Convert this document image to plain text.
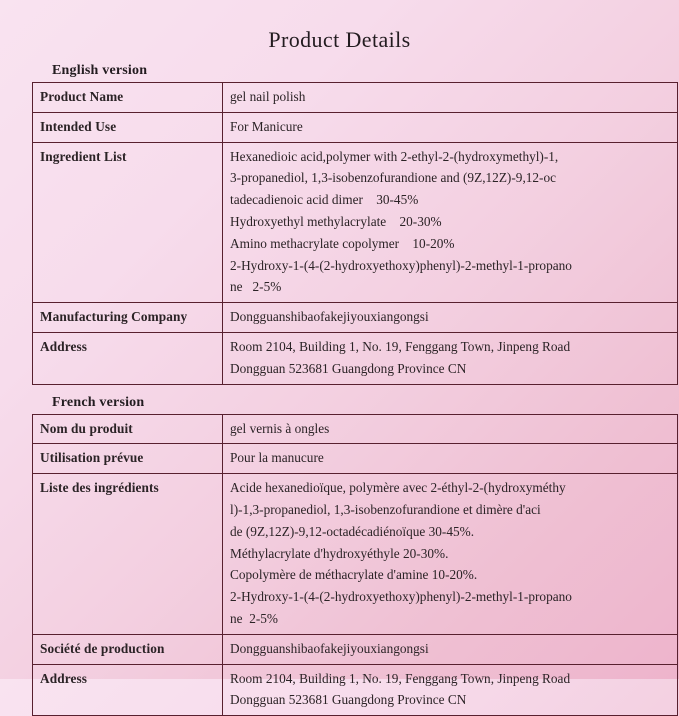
Product Details
English version
Product Name	gel nail polish

Intended Use	For Manicure

Ingredient List	Hexanedioic acid,polymer with 2-ethyl-2-(hydroxymethyl)-1,
3-propanediol, 1,3-isobenzofurandione and (9Z,12Z)-9,12-oc
tadecadienoic acid dimer    30-45%
Hydroxyethyl methylacrylate    20-30%
Amino methacrylate copolymer    10-20%
2-Hydroxy-1-(4-(2-hydroxyethoxy)phenyl)-2-methyl-1-propano
ne   2-5%

Manufacturing Company	Dongguanshibaofakejiyouxiangongsi

Address	Room 2104, Building 1, No. 19, Fenggang Town, Jinpeng Road
Dongguan 523681 Guangdong Province CN
French version
Nom du produit	gel vernis à ongles

Utilisation prévue	Pour la manucure

Liste des ingrédients	Acide hexanedioïque, polymère avec 2-éthyl-2-(hydroxyméthy
l)-1,3-propanediol, 1,3-isobenzofurandione et dimère d'aci
de (9Z,12Z)-9,12-octadécadiénoïque 30-45%.
Méthylacrylate d'hydroxyéthyle 20-30%.
Copolymère de méthacrylate d'amine 10-20%.
2-Hydroxy-1-(4-(2-hydroxyethoxy)phenyl)-2-methyl-1-propano
ne  2-5%

Société de production	Dongguanshibaofakejiyouxiangongsi

Address	Room 2104, Building 1, No. 19, Fenggang Town, Jinpeng Road
Dongguan 523681 Guangdong Province CN
